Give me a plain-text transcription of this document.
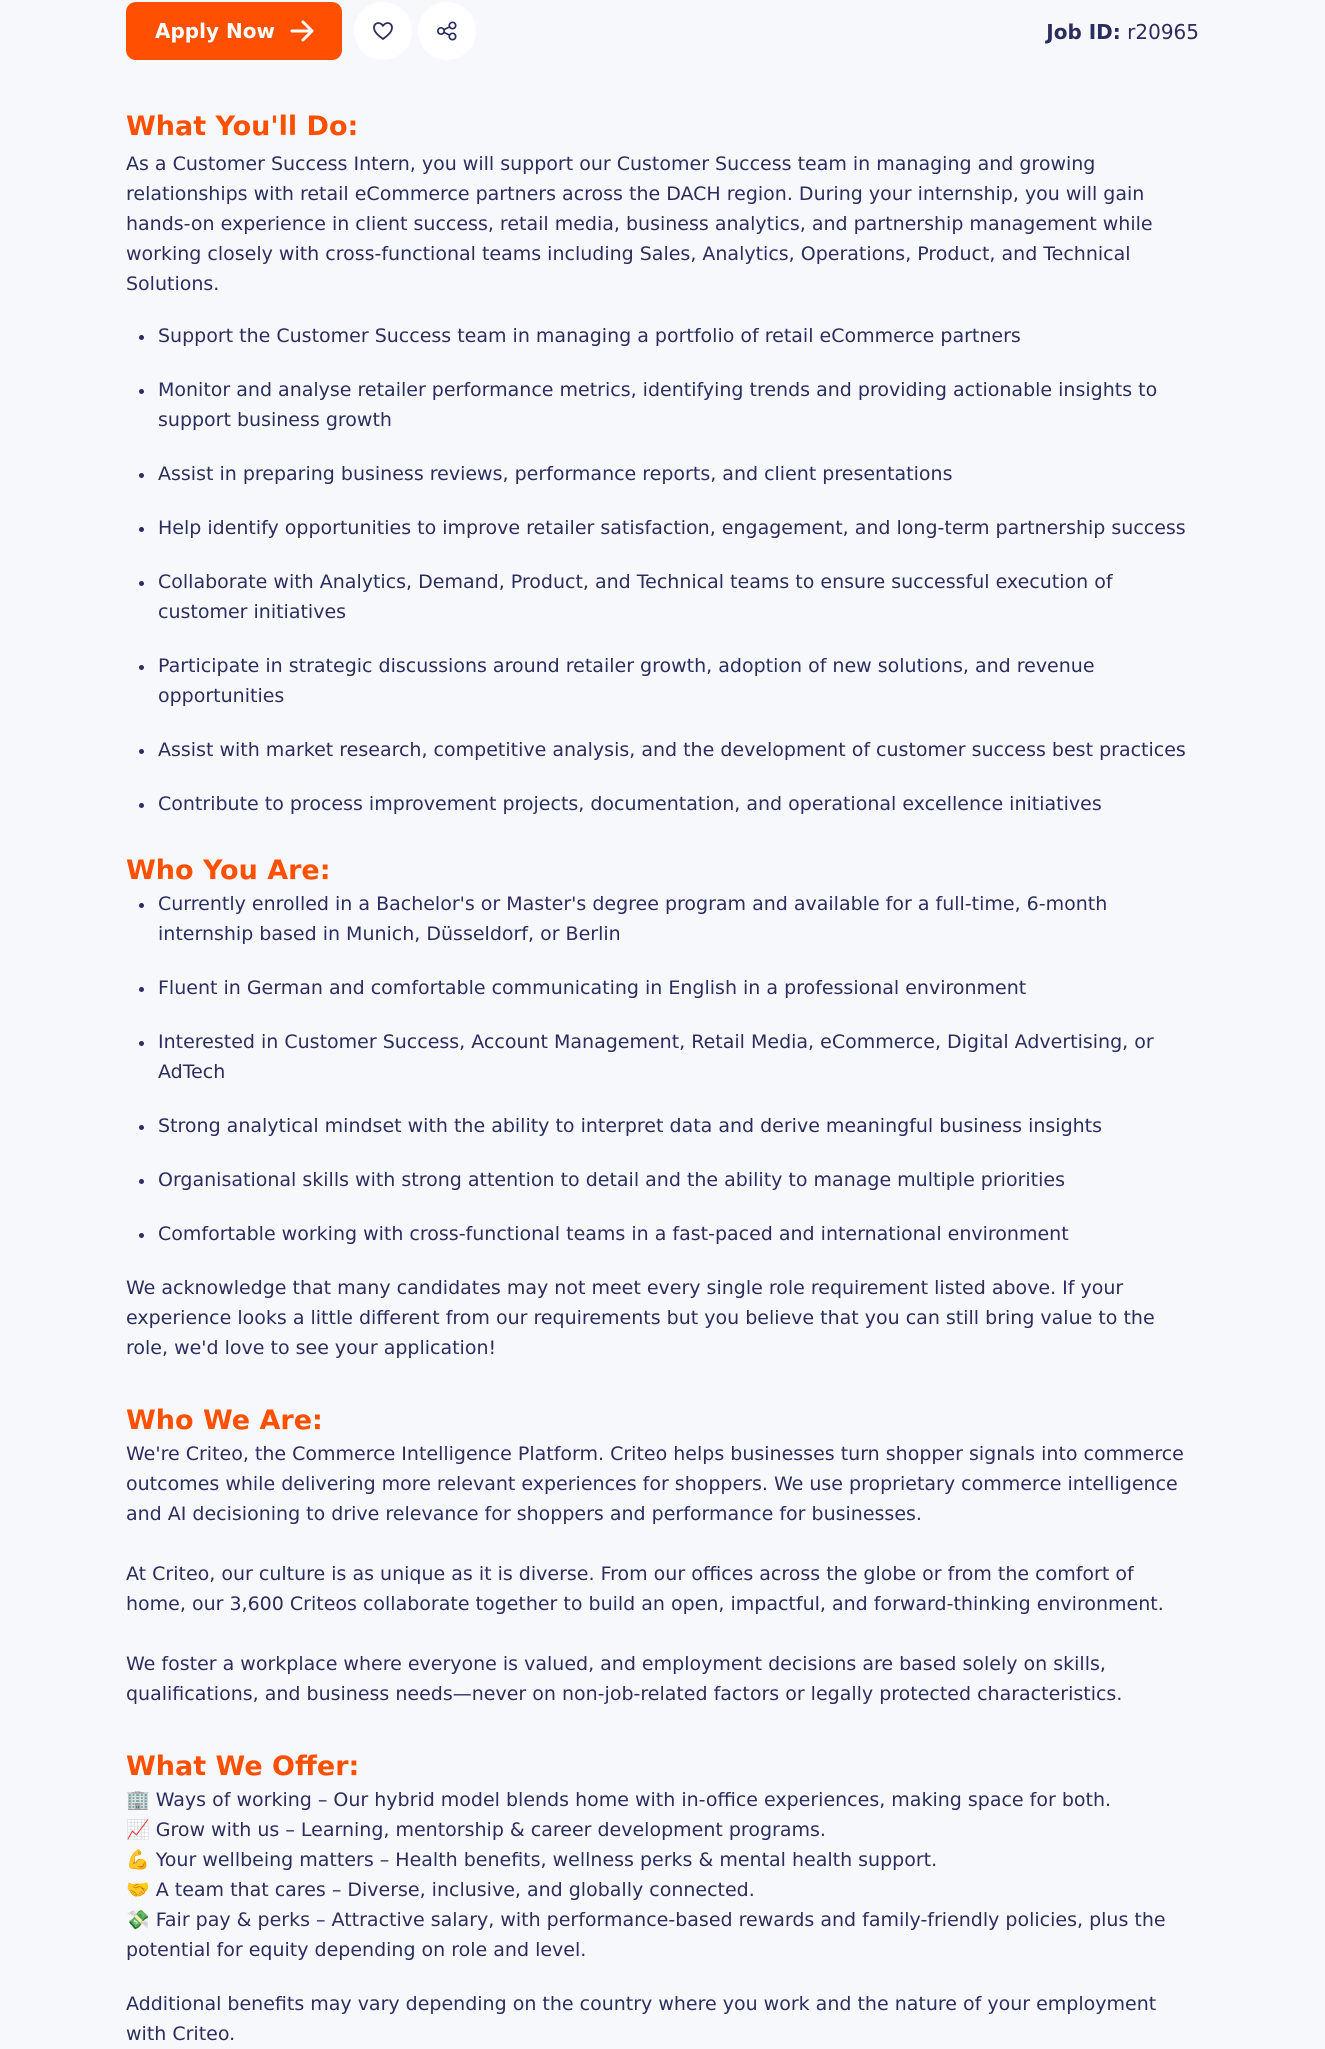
Apply Now	Job ID: r20965
What You'll Do:

As a Customer Success Intern, you will support our Customer Success team in managing and growing relationships with retail eCommerce partners across the DACH region. During your internship, you will gain hands-on experience in client success, retail media, business analytics, and partnership management while working closely with cross-functional teams including Sales, Analytics, Operations, Product, and Technical Solutions.

Support the Customer Success team in managing a portfolio of retail eCommerce partners
Monitor and analyse retailer performance metrics, identifying trends and providing actionable insights to support business growth
Assist in preparing business reviews, performance reports, and client presentations
Help identify opportunities to improve retailer satisfaction, engagement, and long-term partnership success
Collaborate with Analytics, Demand, Product, and Technical teams to ensure successful execution of customer initiatives
Participate in strategic discussions around retailer growth, adoption of new solutions, and revenue opportunities
Assist with market research, competitive analysis, and the development of customer success best practices
Contribute to process improvement projects, documentation, and operational excellence initiatives
Who You Are:
Currently enrolled in a Bachelor's or Master's degree program and available for a full-time, 6-month internship based in Munich, Düsseldorf, or Berlin
Fluent in German and comfortable communicating in English in a professional environment
Interested in Customer Success, Account Management, Retail Media, eCommerce, Digital Advertising, or AdTech
Strong analytical mindset with the ability to interpret data and derive meaningful business insights
Organisational skills with strong attention to detail and the ability to manage multiple priorities
Comfortable working with cross-functional teams in a fast-paced and international environment

We acknowledge that many candidates may not meet every single role requirement listed above. If your experience looks a little different from our requirements but you believe that you can still bring value to the role, we'd love to see your application!

Who We Are:

We're Criteo, the Commerce Intelligence Platform. Criteo helps businesses turn shopper signals into commerce outcomes while delivering more relevant experiences for shoppers. We use proprietary commerce intelligence and AI decisioning to drive relevance for shoppers and performance for businesses.

At Criteo, our culture is as unique as it is diverse. From our offices across the globe or from the comfort of home, our 3,600 Criteos collaborate together to build an open, impactful, and forward-thinking environment.

We foster a workplace where everyone is valued, and employment decisions are based solely on skills, qualifications, and business needs—never on non-job-related factors or legally protected characteristics.

What We Offer:

🏢 Ways of working – Our hybrid model blends home with in-office experiences, making space for both.
📈 Grow with us – Learning, mentorship & career development programs.
💪 Your wellbeing matters – Health benefits, wellness perks & mental health support.
🤝 A team that cares – Diverse, inclusive, and globally connected.
💸 Fair pay & perks – Attractive salary, with performance-based rewards and family-friendly policies, plus the potential for equity depending on role and level.

Additional benefits may vary depending on the country where you work and the nature of your employment with Criteo.
